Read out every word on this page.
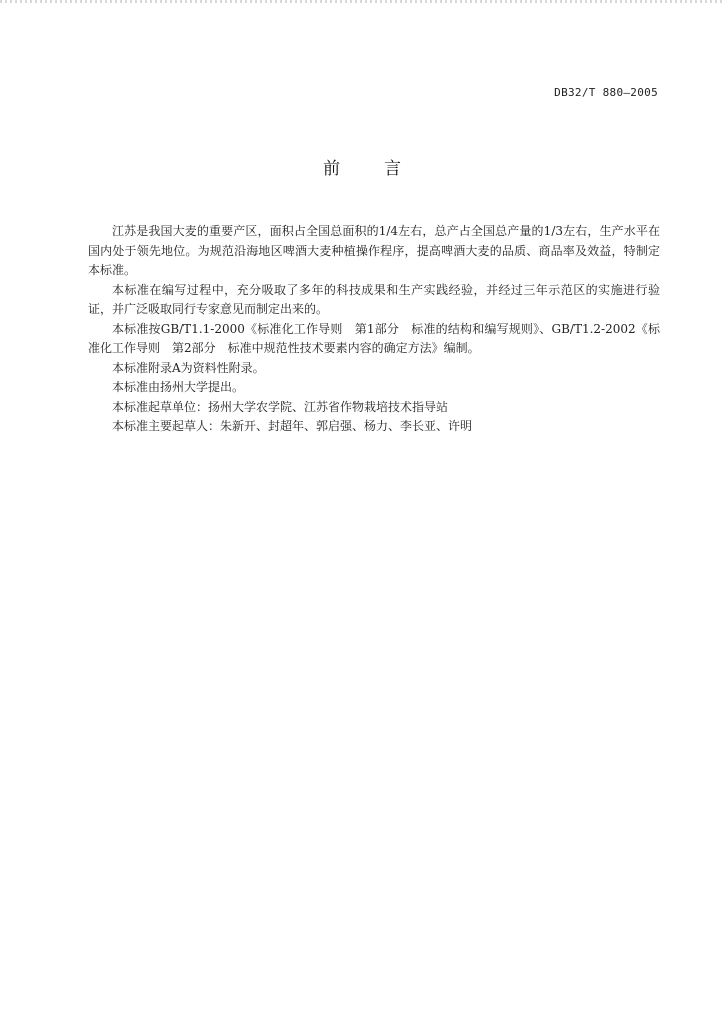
DB32/T 880—2005
前言

江苏是我国大麦的重要产区，面积占全国总面积的1/4左右，总产占全国总产量的1/3左右，生产水平在国内处于领先地位。为规范沿海地区啤酒大麦种植操作程序，提高啤酒大麦的品质、商品率及效益，特制定本标准。

本标准在编写过程中，充分吸取了多年的科技成果和生产实践经验，并经过三年示范区的实施进行验证，并广泛吸取同行专家意见而制定出来的。

本标准按GB/T1.1-2000《标准化工作导则　第1部分　标准的结构和编写规则》、GB/T1.2-2002《标准化工作导则　第2部分　标准中规范性技术要素内容的确定方法》编制。

本标准附录A为资料性附录。

本标准由扬州大学提出。

本标准起草单位：扬州大学农学院、江苏省作物栽培技术指导站

本标准主要起草人：朱新开、封超年、郭启强、杨力、李长亚、许明
